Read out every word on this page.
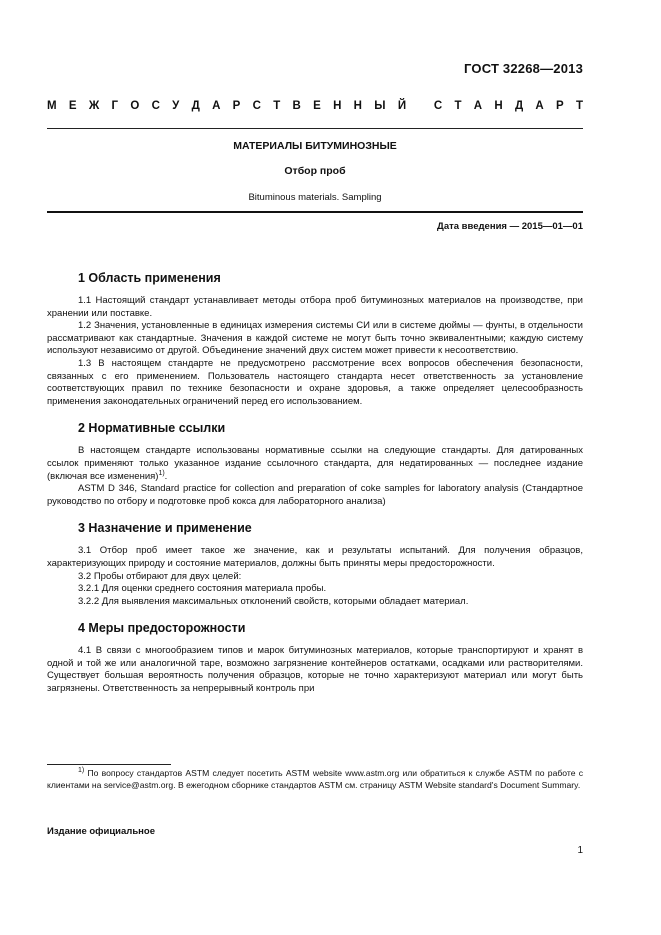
ГОСТ 32268—2013
М Е Ж Г О С У Д А Р С Т В Е Н Н Ы Й
С Т А Н Д А Р Т
МАТЕРИАЛЫ БИТУМИНОЗНЫЕ
Отбор проб
Bituminous materials. Sampling
Дата введения — 2015—01—01
1 Область применения

1.1 Настоящий стандарт устанавливает методы отбора проб битуминозных материалов на производстве, при хранении или поставке.

1.2 Значения, установленные в единицах измерения системы СИ или в системе дюймы — фунты, в отдельности рассматривают как стандартные. Значения в каждой системе не могут быть точно эквивалентными; каждую систему используют независимо от другой. Объединение значений двух систем может привести к несоответствию.

1.3 В настоящем стандарте не предусмотрено рассмотрение всех вопросов обеспечения безопасности, связанных с его применением. Пользователь настоящего стандарта несет ответственность за установление соответствующих правил по технике безопасности и охране здоровья, а также определяет целесообразность применения законодательных ограничений перед его использованием.

2 Нормативные ссылки

В настоящем стандарте использованы нормативные ссылки на следующие стандарты. Для датированных ссылок применяют только указанное издание ссылочного стандарта, для недатированных — последнее издание (включая все изменения)$^{1)}$.

ASTM D 346, Standard practice for collection and preparation of coke samples for laboratory analysis (Стандартное руководство по отбору и подготовке проб кокса для лабораторного анализа)

3 Назначение и применение

3.1 Отбор проб имеет такое же значение, как и результаты испытаний. Для получения образцов, характеризующих природу и состояние материалов, должны быть приняты меры предосторожности.

3.2 Пробы отбирают для двух целей:

3.2.1 Для оценки среднего состояния материала пробы.

3.2.2 Для выявления максимальных отклонений свойств, которыми обладает материал.

4 Меры предосторожности

4.1 В связи с многообразием типов и марок битуминозных материалов, которые транспортируют и хранят в одной и той же или аналогичной таре, возможно загрязнение контейнеров остатками, осадками или растворителями. Существует большая вероятность получения образцов, которые не точно характеризуют материал или могут быть загрязнены. Ответственность за непрерывный контроль при

$^{1)}$ По вопросу стандартов ASTM следует посетить ASTM website www.astm.org или обратиться к службе ASTM по работе с клиентами на service@astm.org. В ежегодном сборнике стандартов ASTM см. страницу ASTM Website standard's Document Summary.

Издание официальное
1
